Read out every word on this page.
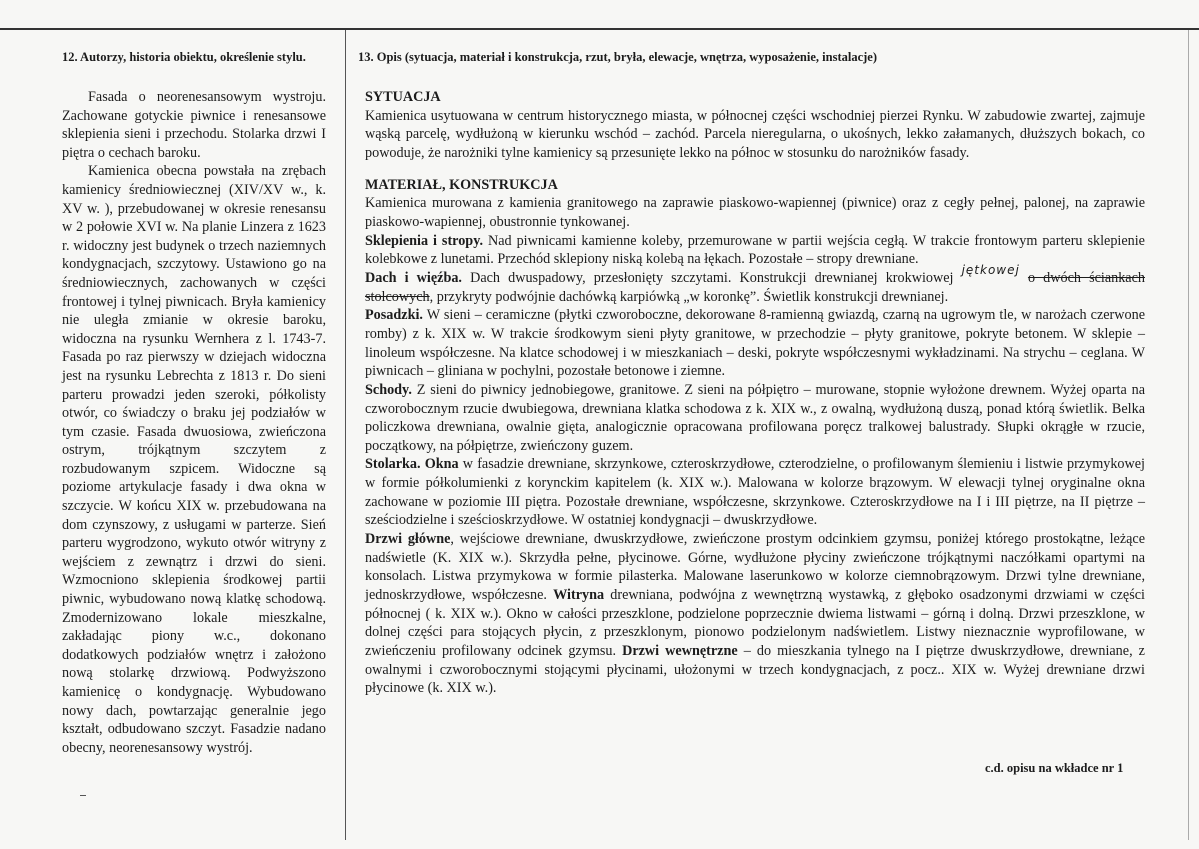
12. Autorzy, historia obiektu, określenie stylu.	13. Opis (sytuacja, materiał i konstrukcja, rzut, bryła, elewacje, wnętrza, wyposażenie, instalacje)

Fasada o neorenesansowym wystroju. Zachowane gotyckie piwnice i renesansowe sklepienia sieni i przechodu. Stolarka drzwi I piętra o cechach baroku.

Kamienica obecna powstała na zrębach kamienicy średniowiecznej (XIV/XV w., k. XV w. ), przebudowanej w okresie renesansu w 2 połowie XVI w. Na planie Linzera z 1623 r. widoczny jest budynek o trzech naziemnych kondygnacjach, szczytowy. Ustawiono go na średniowiecznych, zachowanych w części frontowej i tylnej piwnicach. Bryła kamienicy nie uległa zmianie w okresie baroku, widoczna na rysunku Wernhera z l. 1743-7. Fasada po raz pierwszy w dziejach widoczna jest na rysunku Lebrechta z 1813 r. Do sieni parteru prowadzi jeden szeroki, półkolisty otwór, co świadczy o braku jej podziałów w tym czasie. Fasada dwuosiowa, zwieńczona ostrym, trójkątnym szczytem z rozbudowanym szpicem. Widoczne są poziome artykulacje fasady i dwa okna w szczycie. W końcu XIX w. przebudowana na dom czynszowy, z usługami w parterze. Sień parteru wygrodzono, wykuto otwór witryny z wejściem z zewnątrz i drzwi do sieni. Wzmocniono sklepienia środkowej partii piwnic, wybudowano nową klatkę schodową. Zmodernizowano lokale mieszkalne, zakładając piony w.c., dokonano dodatkowych podziałów wnętrz i założono nową stolarkę drzwiową. Podwyższono kamienicę o kondygnację. Wybudowano nowy dach, powtarzając generalnie jego kształt, odbudowano szczyt. Fasadzie nadano obecny, neorenesansowy wystrój.

SYTUACJA

Kamienica usytuowana w centrum historycznego miasta, w północnej części wschodniej pierzei Rynku. W zabudowie zwartej, zajmuje wąską parcelę, wydłużoną w kierunku wschód – zachód. Parcela nieregularna, o ukośnych, lekko załamanych, dłuższych bokach, co powoduje, że narożniki tylne kamienicy są przesunięte lekko na północ w stosunku do narożników fasady.

MATERIAŁ, KONSTRUKCJA

Kamienica murowana z kamienia granitowego na zaprawie piaskowo-wapiennej (piwnice) oraz z cegły pełnej, palonej, na zaprawie piaskowo-wapiennej, obustronnie tynkowanej.

Sklepienia i stropy. Nad piwnicami kamienne koleby, przemurowane w partii wejścia cegłą. W trakcie frontowym parteru sklepienie kolebkowe z lunetami. Przechód sklepiony niską kolebą na łękach. Pozostałe – stropy drewniane.

Dach i więźba. Dach dwuspadowy, przesłonięty szczytami. Konstrukcji drewnianej krokwiowej $^{jętkowej}$ o dwóch ściankach stolcowych, przykryty podwójnie dachówką karpiówką „w koronkę”. Świetlik konstrukcji drewnianej.

Posadzki. W sieni – ceramiczne (płytki czworoboczne, dekorowane 8-ramienną gwiazdą, czarną na ugrowym tle, w narożach czerwone romby) z k. XIX w. W trakcie środkowym sieni płyty granitowe, w przechodzie – płyty granitowe, pokryte betonem. W sklepie – linoleum współczesne. Na klatce schodowej i w mieszkaniach – deski, pokryte współczesnymi wykładzinami. Na strychu – ceglana. W piwnicach – gliniana w pochylni, pozostałe betonowe i ziemne.

Schody. Z sieni do piwnicy jednobiegowe, granitowe. Z sieni na półpiętro – murowane, stopnie wyłożone drewnem. Wyżej oparta na czworobocznym rzucie dwubiegowa, drewniana klatka schodowa z k. XIX w., z owalną, wydłużoną duszą, ponad którą świetlik. Belka policzkowa drewniana, owalnie gięta, analogicznie opracowana profilowana poręcz tralkowej balustrady. Słupki okrągłe w rzucie, początkowy, na półpiętrze, zwieńczony guzem.

Stolarka. Okna w fasadzie drewniane, skrzynkowe, czteroskrzydłowe, czterodzielne, o profilowanym ślemieniu i listwie przymykowej w formie półkolumienki z korynckim kapitelem (k. XIX w.). Malowana w kolorze brązowym. W elewacji tylnej oryginalne okna zachowane w poziomie III piętra. Pozostałe drewniane, współczesne, skrzynkowe. Czteroskrzydłowe na I i III piętrze, na II piętrze – sześciodzielne i sześcioskrzydłowe. W ostatniej kondygnacji – dwuskrzydłowe.

Drzwi główne, wejściowe drewniane, dwuskrzydłowe, zwieńczone prostym odcinkiem gzymsu, poniżej którego prostokątne, leżące nadświetle (K. XIX w.). Skrzydła pełne, płycinowe. Górne, wydłużone płyciny zwieńczone trójkątnymi naczółkami opartymi na konsolach. Listwa przymykowa w formie pilasterka. Malowane laserunkowo w kolorze ciemnobrązowym. Drzwi tylne drewniane, jednoskrzydłowe, współczesne. Witryna drewniana, podwójna z wewnętrzną wystawką, z głęboko osadzonymi drzwiami w części północnej ( k. XIX w.). Okno w całości przeszklone, podzielone poprzecznie dwiema listwami – górną i dolną. Drzwi przeszklone, w dolnej części para stojących płycin, z przeszklonym, pionowo podzielonym nadświetlem. Listwy nieznacznie wyprofilowane, w zwieńczeniu profilowany odcinek gzymsu. Drzwi wewnętrzne – do mieszkania tylnego na I piętrze dwuskrzydłowe, drewniane, z owalnymi i czworobocznymi stojącymi płycinami, ułożonymi w trzech kondygnacjach, z pocz.. XIX w. Wyżej drewniane drzwi płycinowe (k. XIX w.).

c.d. opisu na wkładce nr 1
